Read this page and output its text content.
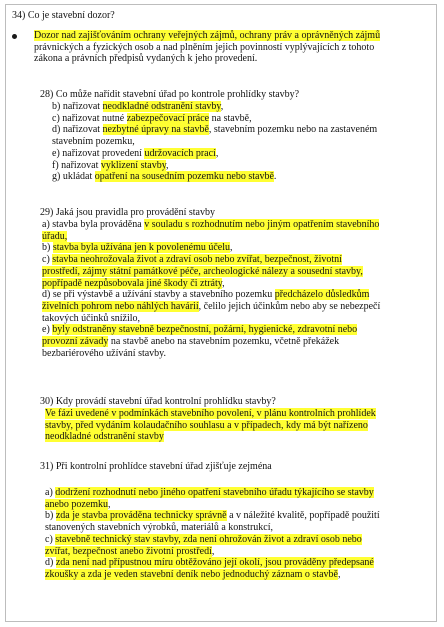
34) Co je stavební dozor?
Dozor nad zajišťováním ochrany veřejných zájmů, ochrany práv a oprávněných zájmů
právnických a fyzických osob a nad plněním jejich povinností vyplývajících z tohoto
zákona a právních předpisů vydaných k jeho provedení.
28) Co může nařídit stavební úřad po kontrole prohlídky stavby?
b) nařizovat neodkladné odstranění stavby,
c) nařizovat nutné zabezpečovací práce na stavbě,
d) nařizovat nezbytné úpravy na stavbě, stavebním pozemku nebo na zastaveném
stavebním pozemku,
e) nařizovat provedení udržovacích prací,
f) nařizovat vyklizení stavby,
g) ukládat opatření na sousedním pozemku nebo stavbě.
29) Jaká jsou pravidla pro provádění stavby
a) stavba byla prováděna v souladu s rozhodnutím nebo jiným opatřením stavebního
úřadu,
b) stavba byla užívána jen k povolenému účelu,
c) stavba neohrožovala život a zdraví osob nebo zvířat, bezpečnost, životní
prostředí, zájmy státní památkové péče, archeologické nálezy a sousední stavby,
popřípadě nezpůsobovala jiné škody či ztráty,
d) se při výstavbě a užívání stavby a stavebního pozemku předcházelo důsledkům
živelních pohrom nebo náhlých havárií, čelilo jejich účinkům nebo aby se nebezpečí
takových účinků snížilo,
e) byly odstraněny stavebně bezpečnostní, požární, hygienické, zdravotní nebo
provozní závady na stavbě anebo na stavebním pozemku, včetně překážek
bezbariérového užívání stavby.
30) Kdy provádí stavební úřad kontrolní prohlídku stavby?
Ve fázi uvedené v podmínkách stavebního povolení, v plánu kontrolních prohlídek
stavby, před vydáním kolaudačního souhlasu a v případech, kdy má být nařízeno
neodkladné odstranění stavby
31) Při kontrolní prohlídce stavební úřad zjišťuje zejména
a) dodržení rozhodnutí nebo jiného opatření stavebního úřadu týkajícího se stavby
anebo pozemku,
b) zda je stavba prováděna technicky správně a v náležité kvalitě, popřípadě použití
stanovených stavebních výrobků, materiálů a konstrukcí,
c) stavebně technický stav stavby, zda není ohrožován život a zdraví osob nebo
zvířat, bezpečnost anebo životní prostředí,
d) zda není nad přípustnou míru obtěžováno její okolí, jsou prováděny předepsané
zkoušky a zda je veden stavební deník nebo jednoduchý záznam o stavbě,
